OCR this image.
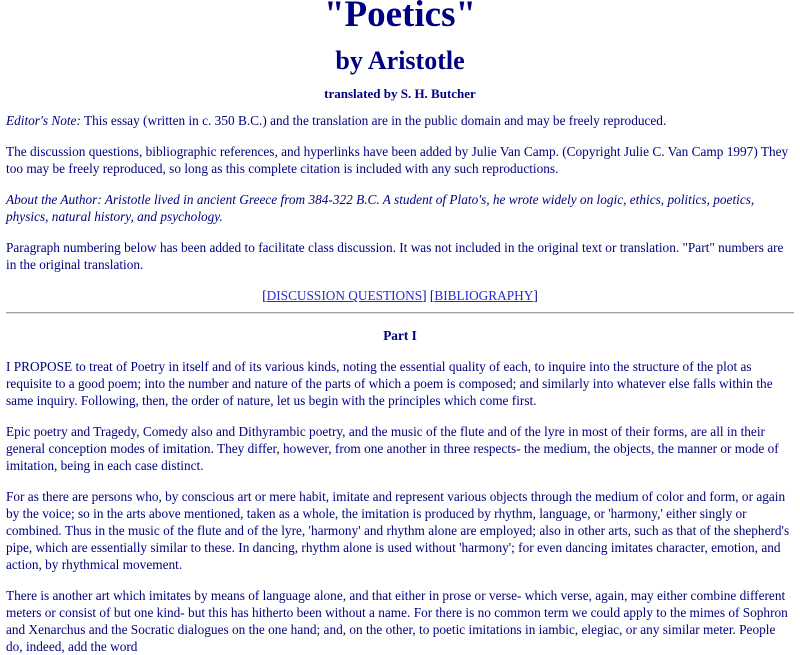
"Poetics"
by Aristotle

translated by S. H. Butcher

Editor's Note: This essay (written in c. 350 B.C.) and the translation are in the public domain and may be freely reproduced.

The discussion questions, bibliographic references, and hyperlinks have been added by Julie Van Camp. (Copyright Julie C. Van Camp 1997) They too may be freely reproduced, so long as this complete citation is included with any such reproductions.

About the Author: Aristotle lived in ancient Greece from 384-322 B.C. A student of Plato's, he wrote widely on logic, ethics, politics, poetics, physics, natural history, and psychology.

Paragraph numbering below has been added to facilitate class discussion. It was not included in the original text or translation. "Part" numbers are in the original translation.

[DISCUSSION QUESTIONS] [BIBLIOGRAPHY]

Part I

I PROPOSE to treat of Poetry in itself and of its various kinds, noting the essential quality of each, to inquire into the structure of the plot as requisite to a good poem; into the number and nature of the parts of which a poem is composed; and similarly into whatever else falls within the same inquiry. Following, then, the order of nature, let us begin with the principles which come first.

Epic poetry and Tragedy, Comedy also and Dithyrambic poetry, and the music of the flute and of the lyre in most of their forms, are all in their general conception modes of imitation. They differ, however, from one another in three respects- the medium, the objects, the manner or mode of imitation, being in each case distinct.

For as there are persons who, by conscious art or mere habit, imitate and represent various objects through the medium of color and form, or again by the voice; so in the arts above mentioned, taken as a whole, the imitation is produced by rhythm, language, or 'harmony,' either singly or combined. Thus in the music of the flute and of the lyre, 'harmony' and rhythm alone are employed; also in other arts, such as that of the shepherd's pipe, which are essentially similar to these. In dancing, rhythm alone is used without 'harmony'; for even dancing imitates character, emotion, and action, by rhythmical movement.

There is another art which imitates by means of language alone, and that either in prose or verse- which verse, again, may either combine different meters or consist of but one kind- but this has hitherto been without a name. For there is no common term we could apply to the mimes of Sophron and Xenarchus and the Socratic dialogues on the one hand; and, on the other, to poetic imitations in iambic, elegiac, or any similar meter. People do, indeed, add the word
